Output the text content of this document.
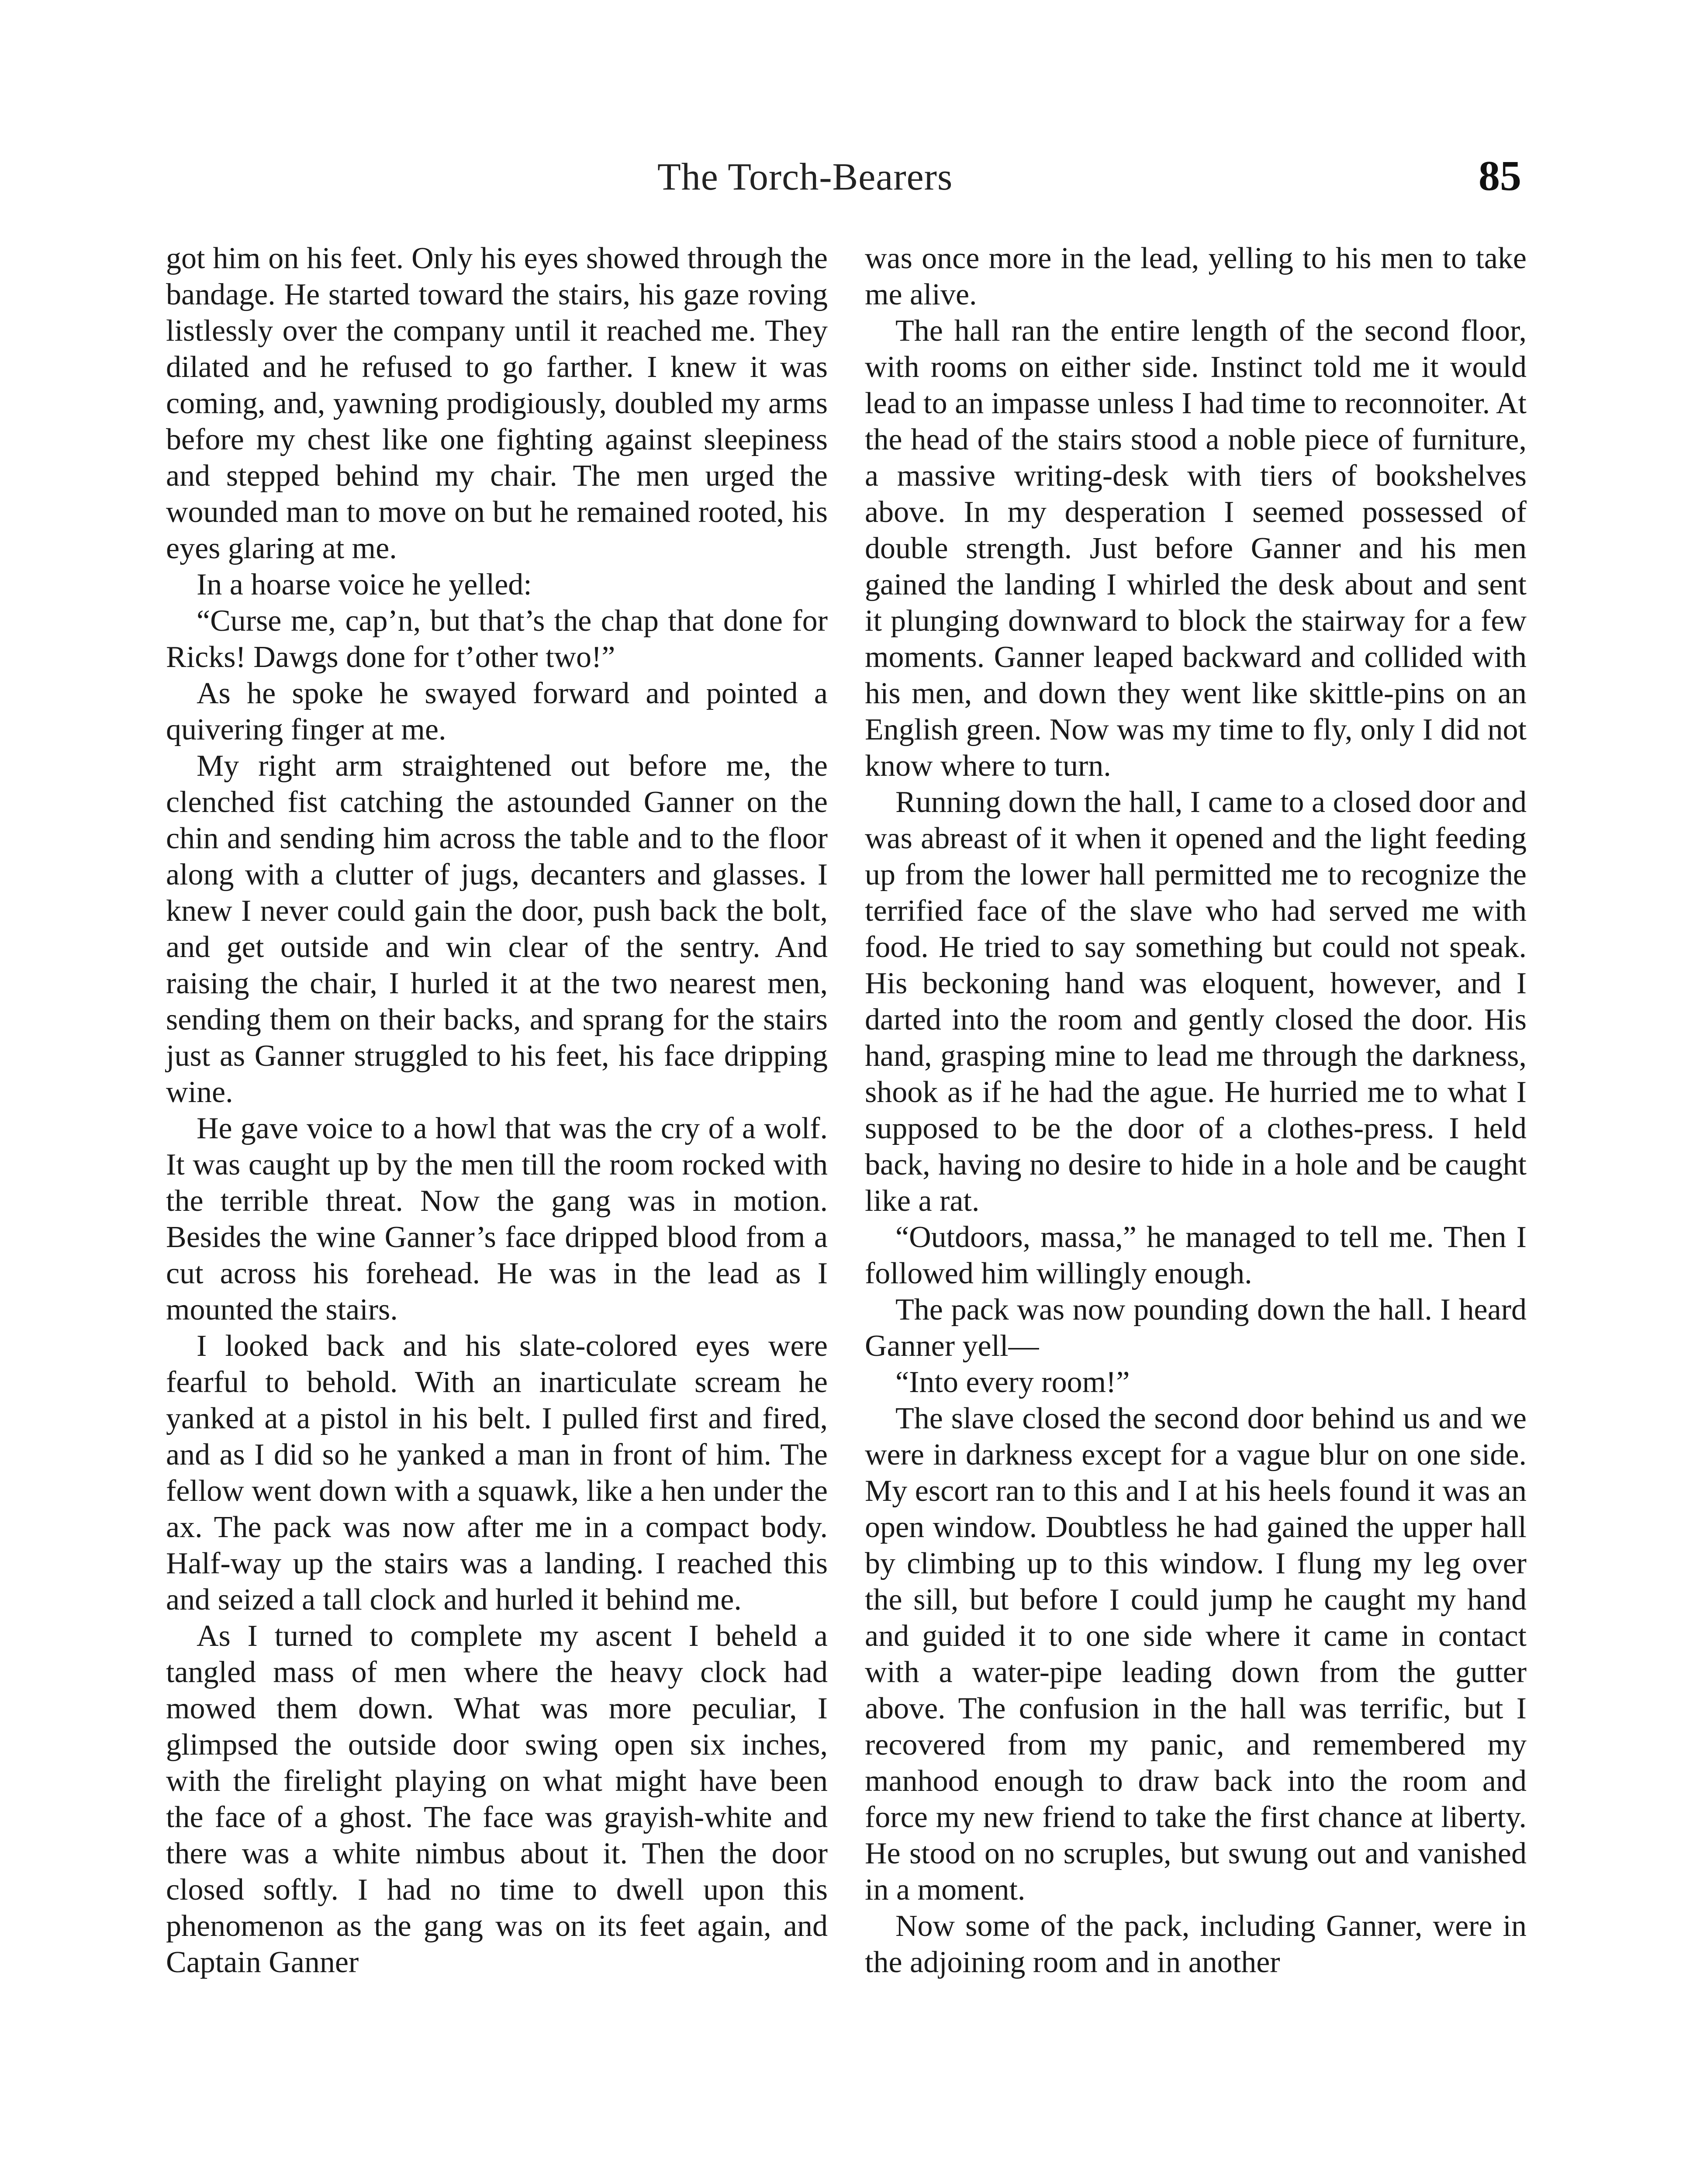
The Torch-Bearers	85

got him on his feet. Only his eyes showed through the bandage. He started toward the stairs, his gaze roving listlessly over the company until it reached me. They dilated and he refused to go farther. I knew it was coming, and, yawning prodigiously, doubled my arms before my chest like one fighting against sleepiness and stepped behind my chair. The men urged the wounded man to move on but he remained rooted, his eyes glaring at me.

In a hoarse voice he yelled:

“Curse me, cap’n, but that’s the chap that done for Ricks! Dawgs done for t’other two!”

As he spoke he swayed forward and pointed a quivering finger at me.

My right arm straightened out before me, the clenched fist catching the astounded Ganner on the chin and sending him across the table and to the floor along with a clutter of jugs, decanters and glasses. I knew I never could gain the door, push back the bolt, and get outside and win clear of the sentry. And raising the chair, I hurled it at the two nearest men, sending them on their backs, and sprang for the stairs just as Ganner struggled to his feet, his face dripping wine.

He gave voice to a howl that was the cry of a wolf. It was caught up by the men till the room rocked with the terrible threat. Now the gang was in motion. Besides the wine Ganner’s face dripped blood from a cut across his forehead. He was in the lead as I mounted the stairs.

I looked back and his slate-colored eyes were fearful to behold. With an inarticulate scream he yanked at a pistol in his belt. I pulled first and fired, and as I did so he yanked a man in front of him. The fellow went down with a squawk, like a hen under the ax. The pack was now after me in a compact body. Half-way up the stairs was a landing. I reached this and seized a tall clock and hurled it behind me.

As I turned to complete my ascent I beheld a tangled mass of men where the heavy clock had mowed them down. What was more peculiar, I glimpsed the outside door swing open six inches, with the firelight playing on what might have been the face of a ghost. The face was grayish-white and there was a white nimbus about it. Then the door closed softly. I had no time to dwell upon this phenomenon as the gang was on its feet again, and Captain Ganner

was once more in the lead, yelling to his men to take me alive.

The hall ran the entire length of the second floor, with rooms on either side. Instinct told me it would lead to an impasse unless I had time to reconnoiter. At the head of the stairs stood a noble piece of furniture, a massive writing-desk with tiers of bookshelves above. In my desperation I seemed possessed of double strength. Just before Ganner and his men gained the landing I whirled the desk about and sent it plunging downward to block the stairway for a few moments. Ganner leaped backward and collided with his men, and down they went like skittle-pins on an English green. Now was my time to fly, only I did not know where to turn.

Running down the hall, I came to a closed door and was abreast of it when it opened and the light feeding up from the lower hall permitted me to recognize the terrified face of the slave who had served me with food. He tried to say something but could not speak. His beckoning hand was eloquent, however, and I darted into the room and gently closed the door. His hand, grasping mine to lead me through the darkness, shook as if he had the ague. He hurried me to what I supposed to be the door of a clothes-press. I held back, having no desire to hide in a hole and be caught like a rat.

“Outdoors, massa,” he managed to tell me. Then I followed him willingly enough.

The pack was now pounding down the hall. I heard Ganner yell—

“Into every room!”

The slave closed the second door behind us and we were in darkness except for a vague blur on one side. My escort ran to this and I at his heels found it was an open window. Doubtless he had gained the upper hall by climbing up to this window. I flung my leg over the sill, but before I could jump he caught my hand and guided it to one side where it came in contact with a water-pipe leading down from the gutter above. The confusion in the hall was terrific, but I recovered from my panic, and remembered my manhood enough to draw back into the room and force my new friend to take the first chance at liberty. He stood on no scruples, but swung out and vanished in a moment.

Now some of the pack, including Ganner, were in the adjoining room and in another
